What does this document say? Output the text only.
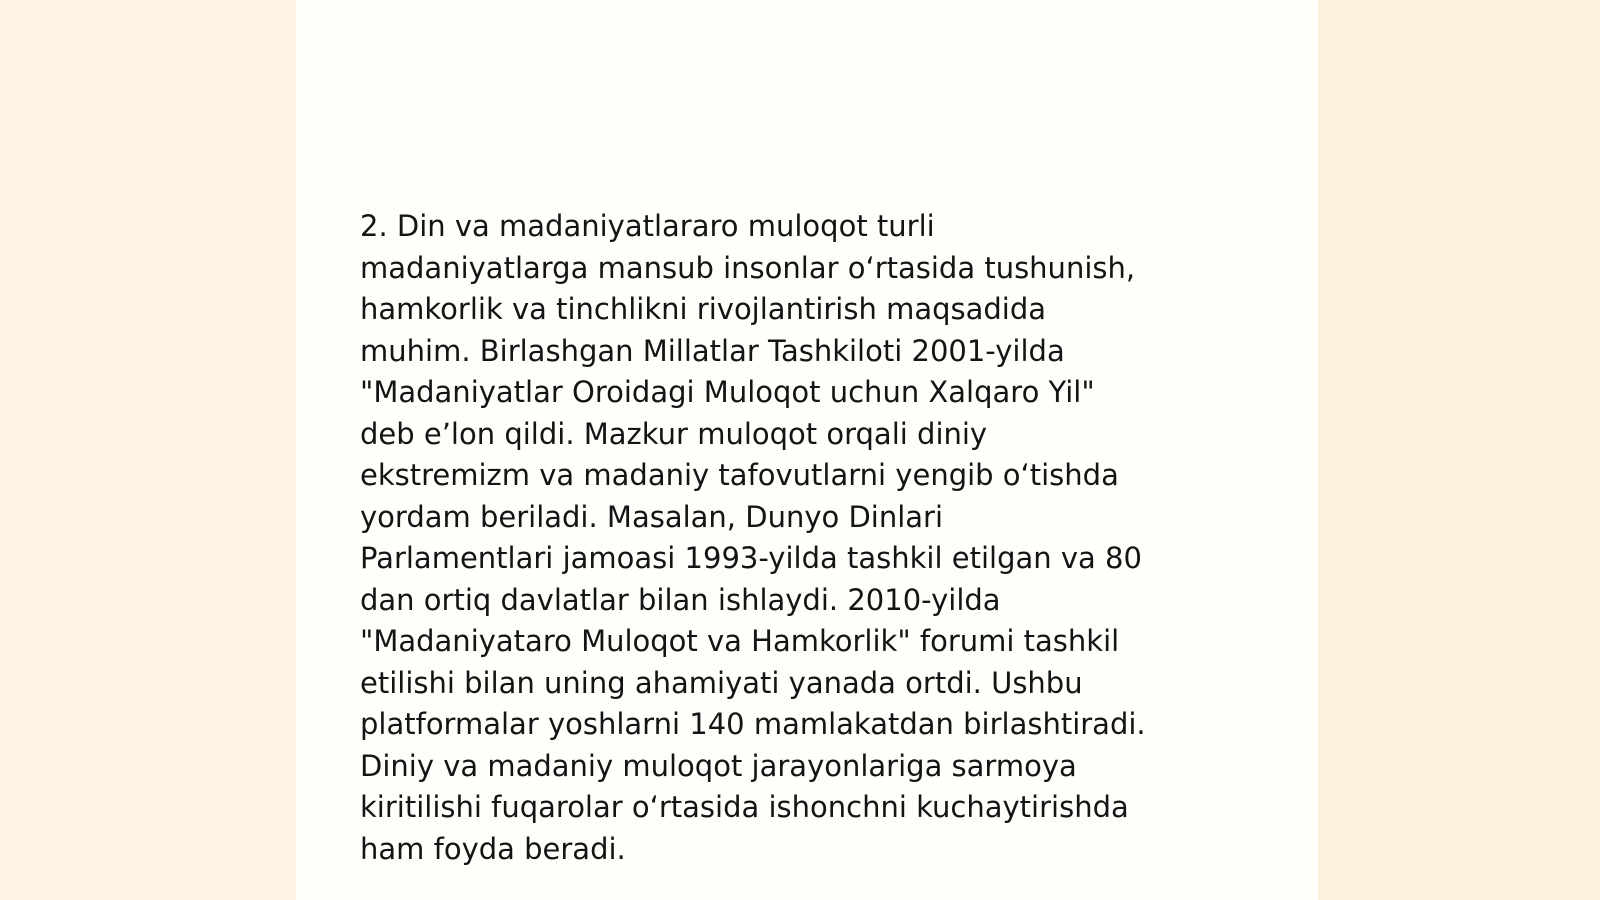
2. Din va madaniyatlararo muloqot turli
madaniyatlarga mansub insonlar oʻrtasida tushunish,
hamkorlik va tinchlikni rivojlantirish maqsadida
muhim. Birlashgan Millatlar Tashkiloti 2001-yilda
"Madaniyatlar Oroidagi Muloqot uchun Xalqaro Yil"
deb e’lon qildi. Mazkur muloqot orqali diniy
ekstremizm va madaniy tafovutlarni yengib oʻtishda
yordam beriladi. Masalan, Dunyo Dinlari
Parlamentlari jamoasi 1993-yilda tashkil etilgan va 80
dan ortiq davlatlar bilan ishlaydi. 2010-yilda
"Madaniyataro Muloqot va Hamkorlik" forumi tashkil
etilishi bilan uning ahamiyati yanada ortdi. Ushbu
platformalar yoshlarni 140 mamlakatdan birlashtiradi.
Diniy va madaniy muloqot jarayonlariga sarmoya
kiritilishi fuqarolar oʻrtasida ishonchni kuchaytirishda
ham foyda beradi.
